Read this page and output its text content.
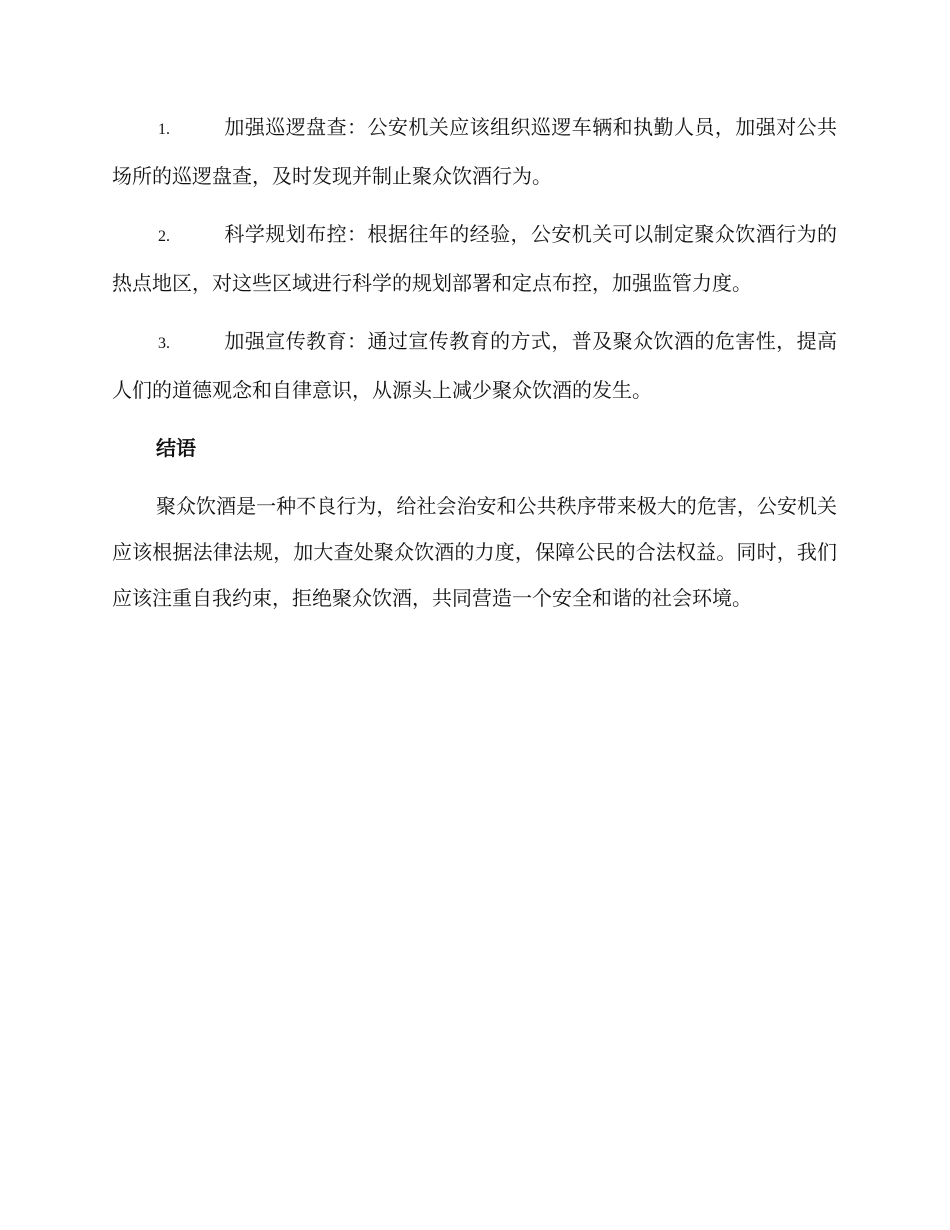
1.	加强巡逻盘查：公安机关应该组织巡逻车辆和执勤人员，加强对公共场所的巡逻盘查，及时发现并制止聚众饮酒行为。

2.	科学规划布控：根据往年的经验，公安机关可以制定聚众饮酒行为的热点地区，对这些区域进行科学的规划部署和定点布控，加强监管力度。

3.	加强宣传教育：通过宣传教育的方式，普及聚众饮酒的危害性，提高人们的道德观念和自律意识，从源头上减少聚众饮酒的发生。

结语

聚众饮酒是一种不良行为，给社会治安和公共秩序带来极大的危害，公安机关应该根据法律法规，加大查处聚众饮酒的力度，保障公民的合法权益。同时，我们应该注重自我约束，拒绝聚众饮酒，共同营造一个安全和谐的社会环境。
